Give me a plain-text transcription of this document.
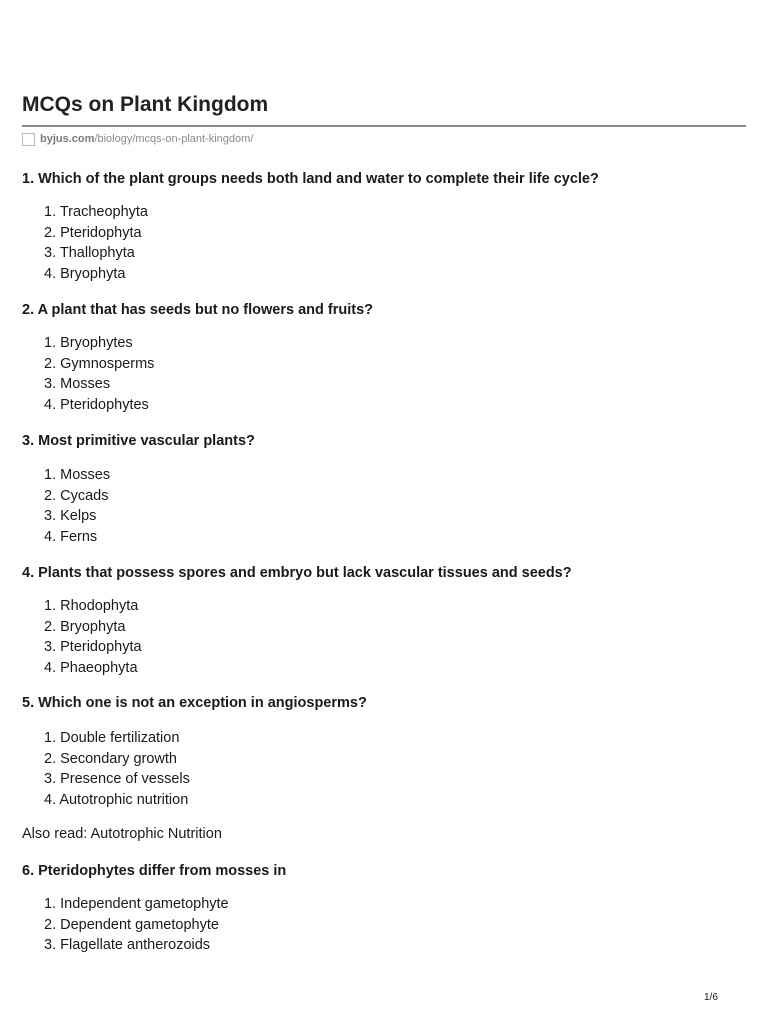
MCQs on Plant Kingdom
byjus.com /biology/mcqs-on-plant-kingdom/

1. Which of the plant groups needs both land and water to complete their life cycle?

1. Tracheophyta
2. Pteridophyta
3. Thallophyta
4. Bryophyta

2. A plant that has seeds but no flowers and fruits?

1. Bryophytes
2. Gymnosperms
3. Mosses
4. Pteridophytes

3. Most primitive vascular plants?

1. Mosses
2. Cycads
3. Kelps
4. Ferns

4. Plants that possess spores and embryo but lack vascular tissues and seeds?

1. Rhodophyta
2. Bryophyta
3. Pteridophyta
4. Phaeophyta

5. Which one is not an exception in angiosperms?

1. Double fertilization
2. Secondary growth
3. Presence of vessels
4. Autotrophic nutrition

Also read: Autotrophic Nutrition

6. Pteridophytes differ from mosses in

1. Independent gametophyte
2. Dependent gametophyte
3. Flagellate antherozoids
1/6
